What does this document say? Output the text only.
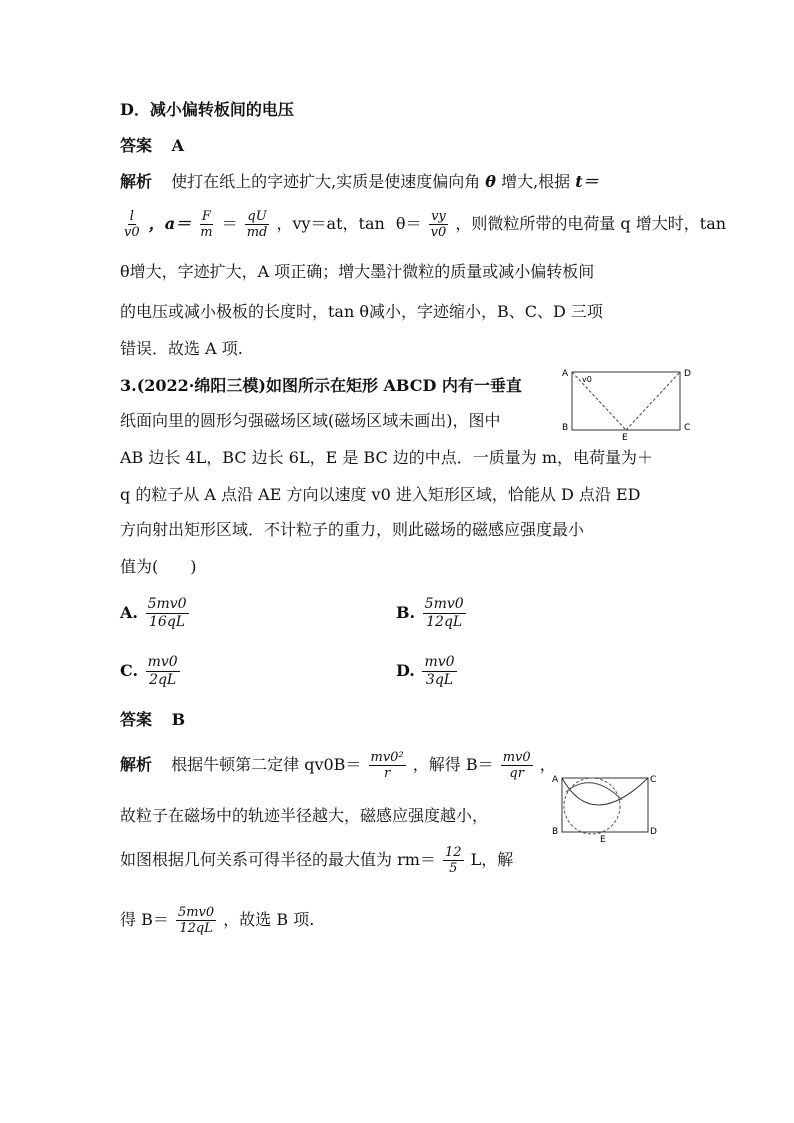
D．减小偏转板间的电压
答案 A
解析 使打在纸上的字迹扩大,实质是使速度偏向角 θ 增大,根据 t＝
$\frac{l}{v0}$ ，$a= \frac{F}{m} = \frac{qU}{md}$ ，vy＝at，$\tan \theta= \frac{vy}{v0}$ ，则微粒所带的电荷量 q 增大时，tan
θ增大，字迹扩大，A 项正确；增大墨汁微粒的质量或减小偏转板间
的电压或减小极板的长度时，tan θ减小，字迹缩小，B、C、D 三项
错误．故选 A 项.
3.(2022·绵阳三模)如图所示在矩形 ABCD 内有一垂直
纸面向里的圆形匀强磁场区域(磁场区域未画出)，图中
AB 边长 4L，BC 边长 6L，E 是 BC 边的中点．一质量为 m，电荷量为＋
q 的粒子从 A 点沿 AE 方向以速度 v0 进入矩形区域，恰能从 D 点沿 ED
方向射出矩形区域．不计粒子的重力，则此磁场的磁感应强度最小
值为(　　)
A
B	C
D
E
v0
A. $\frac{5mv0}{16qL}$	B. $\frac{5mv0}{12qL}$
C. $\frac{mv0}{2qL}$	D. $\frac{mv0}{3qL}$
答案 B
解析 根据牛顿第二定律 $qv0B= \frac{\text{mv0²}}{r}$ ，解得 $B= \frac{mv0}{qr}$ ，
故粒子在磁场中的轨迹半径越大，磁感应强度越小，
如图根据几何关系可得半径的最大值为 $rm= \frac{12}{5}$ L，解
得 $B= \frac{5mv0}{12qL}$ ，故选 B 项.
A
B
C
D
E
